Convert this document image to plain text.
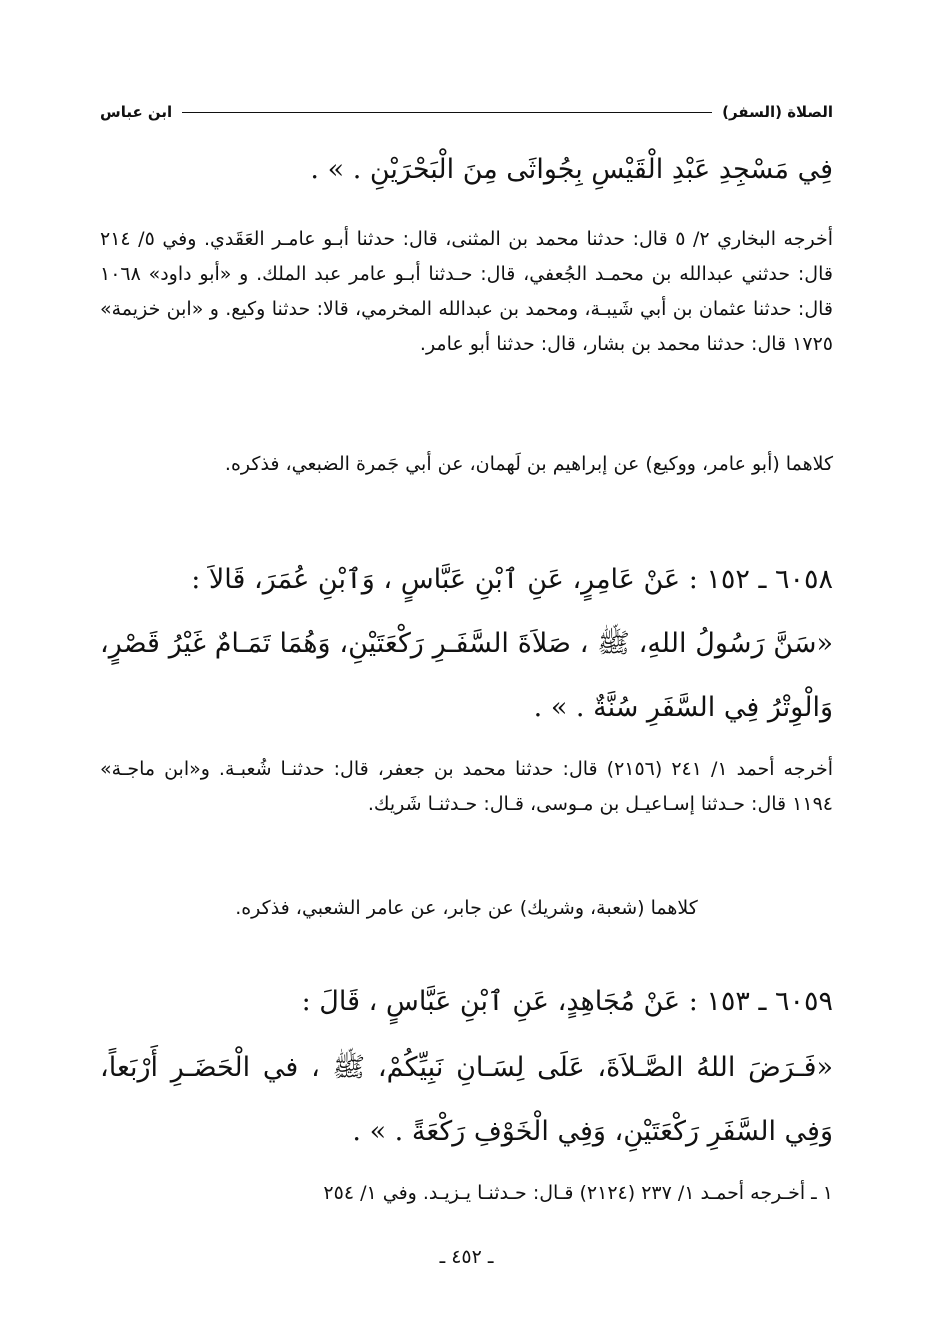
الصلاة (السفر)
ابن عباس
فِي مَسْجِدِ عَبْدِ الْقَيْسِ بِجُواثَى مِنَ الْبَحْرَيْنِ . » .
أخرجه البخاري ٢/ ٥ قال: حدثنا محمد بن المثنى، قال: حدثنا أبـو عامـر العَقَدي. وفي ٥/ ٢١٤ قال: حدثني عبدالله بن محمـد الجُعفي، قال: حـدثنا أبـو عامر عبد الملك. و «أبو داود» ١٠٦٨ قال: حدثنا عثمان بن أبي شَيبـة، ومحمد بن عبدالله المخرمي، قالا: حدثنا وكيع. و «ابن خزيمة» ١٧٢٥ قال: حدثنا محمد بن بشار، قال: حدثنا أبو عامر.
كلاهما (أبو عامر، ووكيع) عن إبراهيم بن لَهمان، عن أبي جَمرة الضبعي، فذكره.
٦٠٥٨ ـ ١٥٢ : عَنْ عَامِرٍ، عَنِ ٱبْنِ عَبَّاسٍ ، وَٱبْنِ عُمَرَ، قَالاَ :
«سَنَّ رَسُولُ اللهِ، ﷺ ، صَلاَةَ السَّفَـرِ رَكْعَتَيْنِ، وَهُمَا تَمَـامٌ غَيْرُ قَصْرٍ، وَالْوِتْرُ فِي السَّفَرِ سُنَّةٌ . » .
أخرجه أحمد ١/ ٢٤١ (٢١٥٦) قال: حدثنا محمد بن جعفر، قال: حدثنـا شُعبـة. و«ابن ماجـة» ١١٩٤ قال: حـدثنا إسـاعيـل بن مـوسى، قـال: حـدثنـا شَريك.
كلاهما (شعبة، وشريك) عن جابر، عن عامر الشعبي، فذكره.
٦٠٥٩ ـ ١٥٣ : عَنْ مُجَاهِدٍ، عَنِ ٱبْنِ عَبَّاسٍ ، قَالَ :
«فَـرَضَ اللهُ الصَّـلاَةَ، عَلَى لِسَـانِ نَبِيِّكُمْ، ﷺ ، في الْحَضَـرِ أَرْبَعاً، وَفِي السَّفَرِ رَكْعَتَيْنِ، وَفِي الْخَوْفِ رَكْعَةً . » .
١ ـ أخـرجه أحمـد ١/ ٢٣٧ (٢١٢٤) قـال: حـدثنـا يـزيـد. وفي ١/ ٢٥٤
ـ ٤٥٢ ـ
